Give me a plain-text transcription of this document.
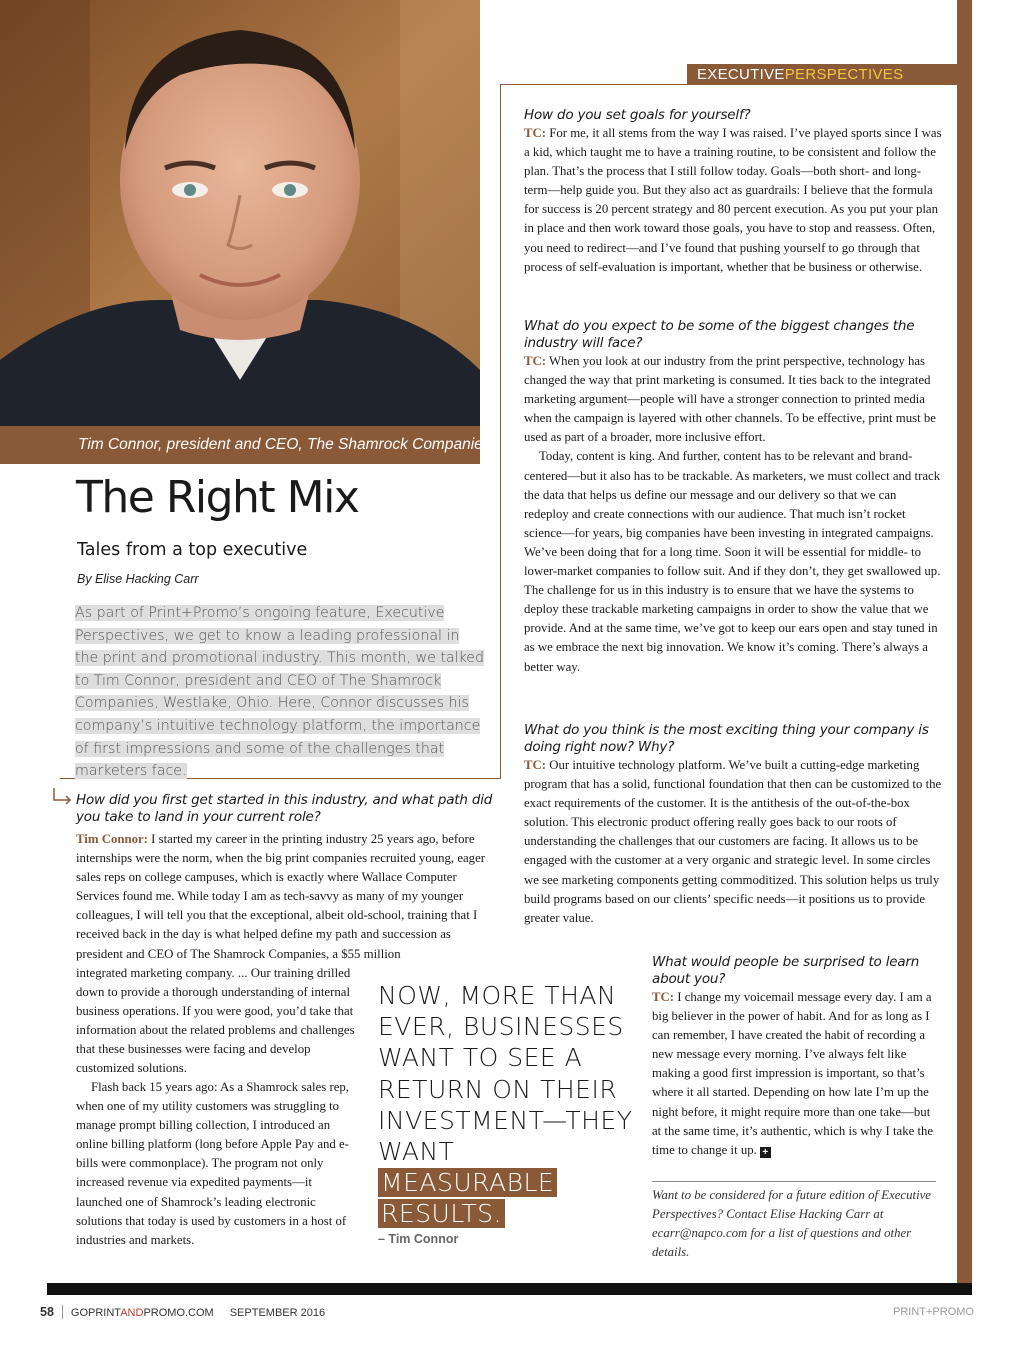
Tim Connor, president and CEO, The Shamrock Companies
EXECUTIVEPERSPECTIVES
The Right Mix
Tales from a top executive
By Elise Hacking Carr
As part of Print+Promo’s ongoing feature, Executive Perspectives, we get to know a leading professional in the print and promotional industry. This month, we talked to Tim Connor, president and CEO of The Shamrock Companies, Westlake, Ohio. Here, Connor discusses his company’s intuitive technology platform, the importance of first impressions and some of the challenges that marketers face.
How did you first get started in this industry, and what path did you take to land in your current role?
Tim Connor: I started my career in the printing industry 25 years ago, before internships were the norm, when the big print companies recruited young, eager sales reps on college campuses, which is exactly where Wallace Computer Services found me. While today I am as tech-savvy as many of my younger colleagues, I will tell you that the exceptional, albeit old-school, training that I received back in the day is what helped define my path and succession as president and CEO of The Shamrock Companies, a $55 million
integrated marketing company. ... Our training drilled down to provide a thorough understanding of internal business operations. If you were good, you’d take that information about the related problems and challenges that these businesses were facing and develop customized solutions.
Flash back 15 years ago: As a Shamrock sales rep, when one of my utility customers was struggling to manage prompt billing collection, I introduced an online billing platform (long before Apple Pay and e-bills were commonplace). The program not only increased revenue via expedited payments—it launched one of Shamrock’s leading electronic solutions that today is used by customers in a host of industries and markets.
NOW, MORE THAN EVER, BUSINESSES WANT TO SEE A RETURN ON THEIR INVESTMENT—THEY WANT MEASURABLE RESULTS.
– Tim Connor
How do you set goals for yourself?
TC: For me, it all stems from the way I was raised. I’ve played sports since I was a kid, which taught me to have a training routine, to be consistent and follow the plan. That’s the process that I still follow today. Goals—both short- and long-term—help guide you. But they also act as guardrails: I believe that the formula for success is 20 percent strategy and 80 percent execution. As you put your plan in place and then work toward those goals, you have to stop and reassess. Often, you need to redirect—and I’ve found that pushing yourself to go through that process of self-evaluation is important, whether that be business or otherwise.
What do you expect to be some of the biggest changes the industry will face?
TC: When you look at our industry from the print perspective, technology has changed the way that print marketing is consumed. It ties back to the integrated marketing argument—people will have a stronger connection to printed media when the campaign is layered with other channels. To be effective, print must be used as part of a broader, more inclusive effort.
Today, content is king. And further, content has to be relevant and brand-centered—but it also has to be trackable. As marketers, we must collect and track the data that helps us define our message and our delivery so that we can redeploy and create connections with our audience. That much isn’t rocket science—for years, big companies have been investing in integrated campaigns. We’ve been doing that for a long time. Soon it will be essential for middle- to lower-market companies to follow suit. And if they don’t, they get swallowed up. The challenge for us in this industry is to ensure that we have the systems to deploy these trackable marketing campaigns in order to show the value that we provide. And at the same time, we’ve got to keep our ears open and stay tuned in as we embrace the next big innovation. We know it’s coming. There’s always a better way.
What do you think is the most exciting thing your company is doing right now? Why?
TC: Our intuitive technology platform. We’ve built a cutting-edge marketing program that has a solid, functional foundation that then can be customized to the exact requirements of the customer. It is the antithesis of the out-of-the-box solution. This electronic product offering really goes back to our roots of understanding the challenges that our customers are facing. It allows us to be engaged with the customer at a very organic and strategic level. In some circles we see marketing components getting commoditized. This solution helps us truly build programs based on our clients’ specific needs—it positions us to provide greater value.
What would people be surprised to learn about you?
TC: I change my voicemail message every day. I am a big believer in the power of habit. And for as long as I can remember, I have created the habit of recording a new message every morning. I’ve always felt like making a good first impression is important, so that’s where it all started. Depending on how late I’m up the night before, it might require more than one take—but at the same time, it’s authentic, which is why I take the time to change it up. +
Want to be considered for a future edition of Executive Perspectives? Contact Elise Hacking Carr at ecarr@napco.com for a list of questions and other details.
58 GOPRINTANDPROMO.COM SEPTEMBER 2016	PRINT+PROMO
